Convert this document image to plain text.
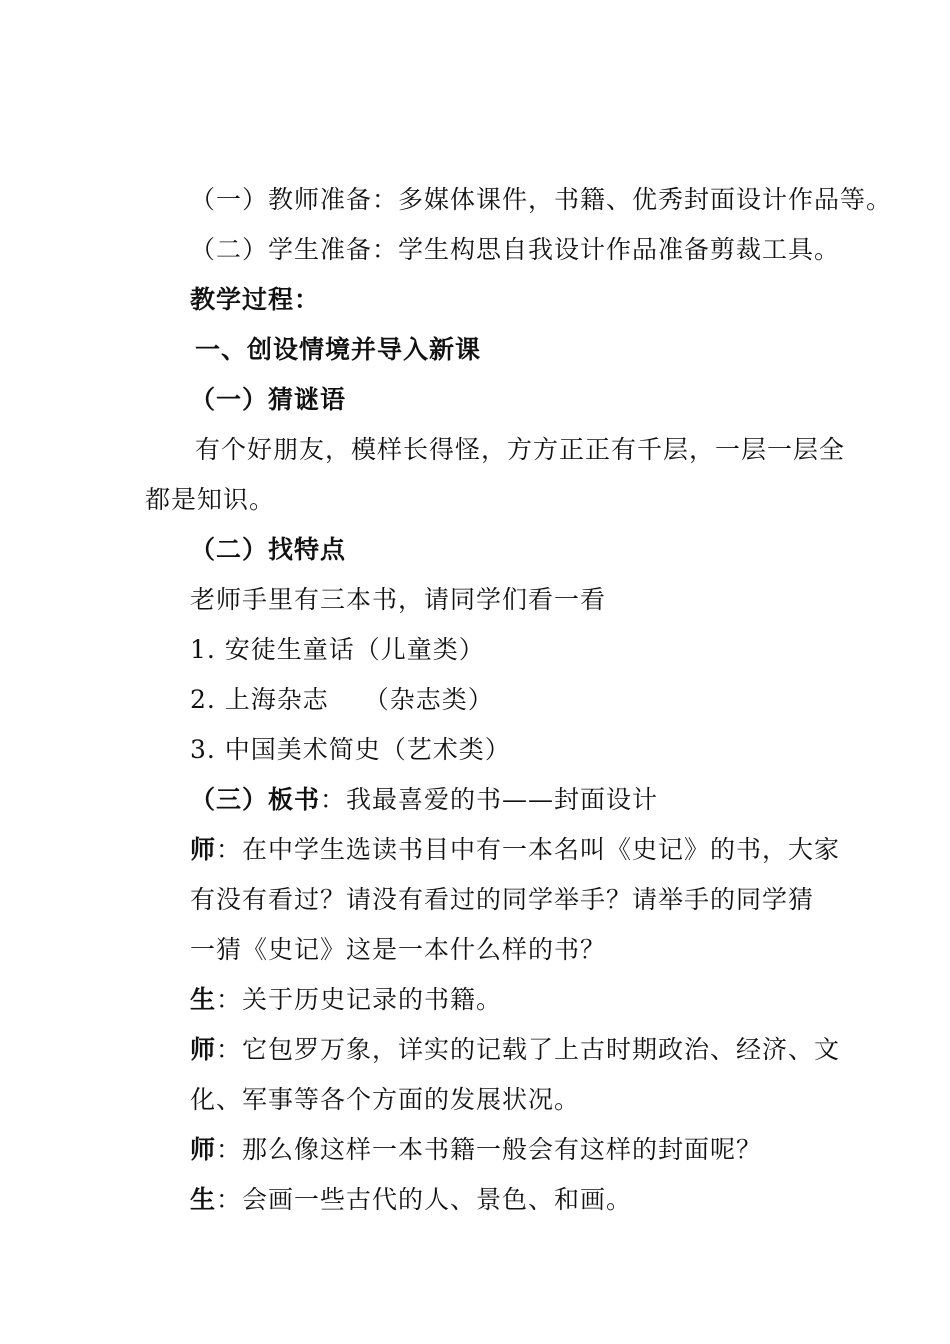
（一）教师准备：多媒体课件，书籍、优秀封面设计作品等。
（二）学生准备：学生构思自我设计作品准备剪裁工具。
教学过程：
一、创设情境并导入新课
（一）猜谜语
有个好朋友，模样长得怪，方方正正有千层，一层一层全
都是知识。
（二）找特点
老师手里有三本书，请同学们看一看
1. 安徒生童话（儿童类）
2. 上海杂志　 （杂志类）
3. 中国美术简史（艺术类）
（三）板书：我最喜爱的书——封面设计
师：在中学生选读书目中有一本名叫《史记》的书，大家
有没有看过？请没有看过的同学举手？请举手的同学猜
一猜《史记》这是一本什么样的书？
生：关于历史记录的书籍。
师：它包罗万象，详实的记载了上古时期政治、经济、文
化、军事等各个方面的发展状况。
师：那么像这样一本书籍一般会有这样的封面呢？
生：会画一些古代的人、景色、和画。
